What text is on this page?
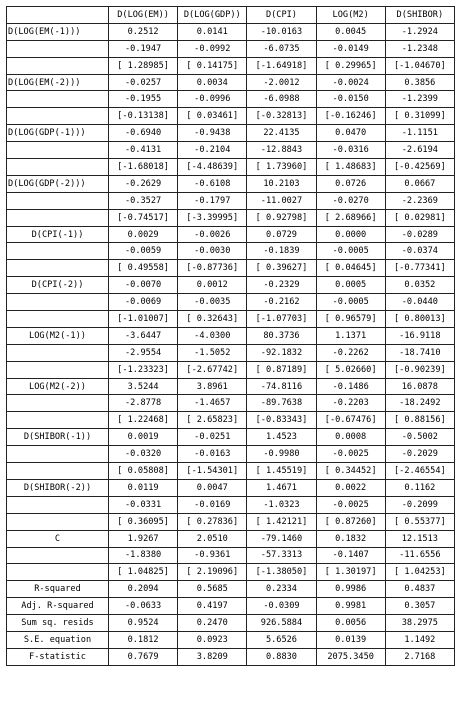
	D(LOG(EM))	D(LOG(GDP))	D(CPI)	LOG(M2)	D(SHIBOR)
D(LOG(EM(-1)))	0.2512	0.0141	-10.0163	0.0045	-1.2924
	-0.1947	-0.0992	-6.0735	-0.0149	-1.2348
	[ 1.28985]	[ 0.14175]	[-1.64918]	[ 0.29965]	[-1.04670]
D(LOG(EM(-2)))	-0.0257	0.0034	-2.0012	-0.0024	0.3856
	-0.1955	-0.0996	-6.0988	-0.0150	-1.2399
	[-0.13138]	[ 0.03461]	[-0.32813]	[-0.16246]	[ 0.31099]
D(LOG(GDP(-1)))	-0.6940	-0.9438	22.4135	0.0470	-1.1151
	-0.4131	-0.2104	-12.8843	-0.0316	-2.6194
	[-1.68018]	[-4.48639]	[ 1.73960]	[ 1.48683]	[-0.42569]
D(LOG(GDP(-2)))	-0.2629	-0.6108	10.2103	0.0726	0.0667
	-0.3527	-0.1797	-11.0027	-0.0270	-2.2369
	[-0.74517]	[-3.39995]	[ 0.92798]	[ 2.68966]	[ 0.02981]
D(CPI(-1))	0.0029	-0.0026	0.0729	0.0000	-0.0289
	-0.0059	-0.0030	-0.1839	-0.0005	-0.0374
	[ 0.49558]	[-0.87736]	[ 0.39627]	[ 0.04645]	[-0.77341]
D(CPI(-2))	-0.0070	0.0012	-0.2329	0.0005	0.0352
	-0.0069	-0.0035	-0.2162	-0.0005	-0.0440
	[-1.01007]	[ 0.32643]	[-1.07703]	[ 0.96579]	[ 0.80013]
LOG(M2(-1))	-3.6447	-4.0300	80.3736	1.1371	-16.9118
	-2.9554	-1.5052	-92.1832	-0.2262	-18.7410
	[-1.23323]	[-2.67742]	[ 0.87189]	[ 5.02660]	[-0.90239]
LOG(M2(-2))	3.5244	3.8961	-74.8116	-0.1486	16.0878
	-2.8778	-1.4657	-89.7638	-0.2203	-18.2492
	[ 1.22468]	[ 2.65823]	[-0.83343]	[-0.67476]	[ 0.88156]
D(SHIBOR(-1))	0.0019	-0.0251	1.4523	0.0008	-0.5002
	-0.0320	-0.0163	-0.9980	-0.0025	-0.2029
	[ 0.05808]	[-1.54301]	[ 1.45519]	[ 0.34452]	[-2.46554]
D(SHIBOR(-2))	0.0119	0.0047	1.4671	0.0022	0.1162
	-0.0331	-0.0169	-1.0323	-0.0025	-0.2099
	[ 0.36095]	[ 0.27836]	[ 1.42121]	[ 0.87260]	[ 0.55377]
C	1.9267	2.0510	-79.1460	0.1832	12.1513
	-1.8380	-0.9361	-57.3313	-0.1407	-11.6556
	[ 1.04825]	[ 2.19096]	[-1.38050]	[ 1.30197]	[ 1.04253]
R-squared	0.2094	0.5685	0.2334	0.9986	0.4837
Adj. R-squared	-0.0633	0.4197	-0.0309	0.9981	0.3057
Sum sq. resids	0.9524	0.2470	926.5884	0.0056	38.2975
S.E. equation	0.1812	0.0923	5.6526	0.0139	1.1492
F-statistic	0.7679	3.8209	0.8830	2075.3450	2.7168
